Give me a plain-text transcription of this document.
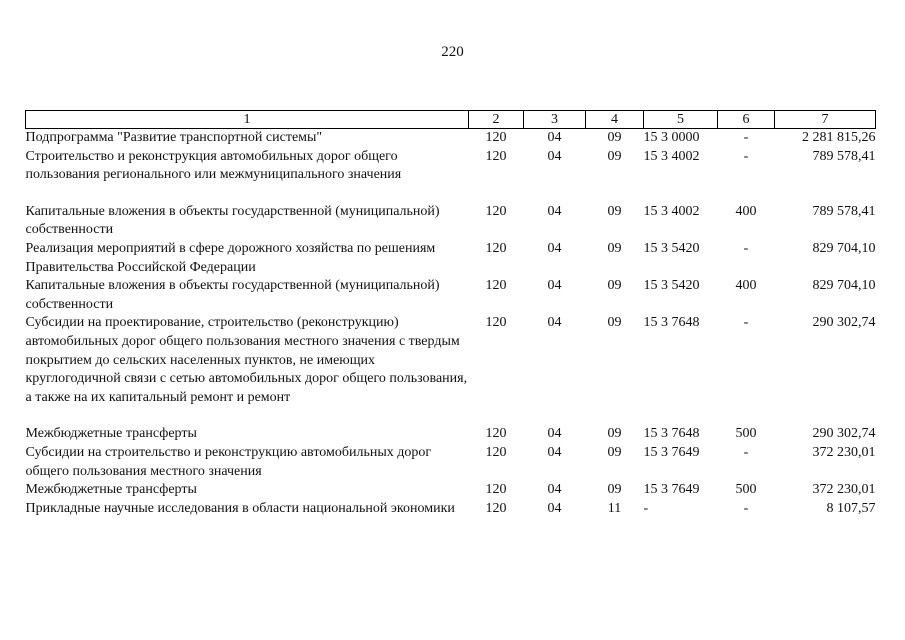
220
1	2	3	4	5	6	7
Подпрограмма "Развитие транспортной системы"	120	04	09	15 3 0000	-	2 281 815,26
Строительство и реконструкция автомобильных дорог общего пользования регионального или межмуниципального значения	120	04	09	15 3 4002	-	789 578,41

Капитальные вложения в объекты государственной (муниципальной) собственности	120	04	09	15 3 4002	400	789 578,41
Реализация мероприятий в сфере дорожного хозяйства по решениям Правительства Российской Федерации	120	04	09	15 3 5420	-	829 704,10
Капитальные вложения в объекты государственной (муниципальной) собственности	120	04	09	15 3 5420	400	829 704,10
Субсидии на проектирование, строительство (реконструкцию) автомобильных дорог общего пользования местного значения с твердым покрытием до сельских населенных пунктов, не имеющих круглогодичной связи с сетью автомобильных дорог общего пользования, а также на их капитальный ремонт и ремонт	120	04	09	15 3 7648	-	290 302,74

Межбюджетные трансферты	120	04	09	15 3 7648	500	290 302,74
Субсидии на строительство и реконструкцию автомобильных дорог общего пользования местного значения	120	04	09	15 3 7649	-	372 230,01
Межбюджетные трансферты	120	04	09	15 3 7649	500	372 230,01
Прикладные научные исследования в области национальной экономики	120	04	11	-	-	8 107,57
